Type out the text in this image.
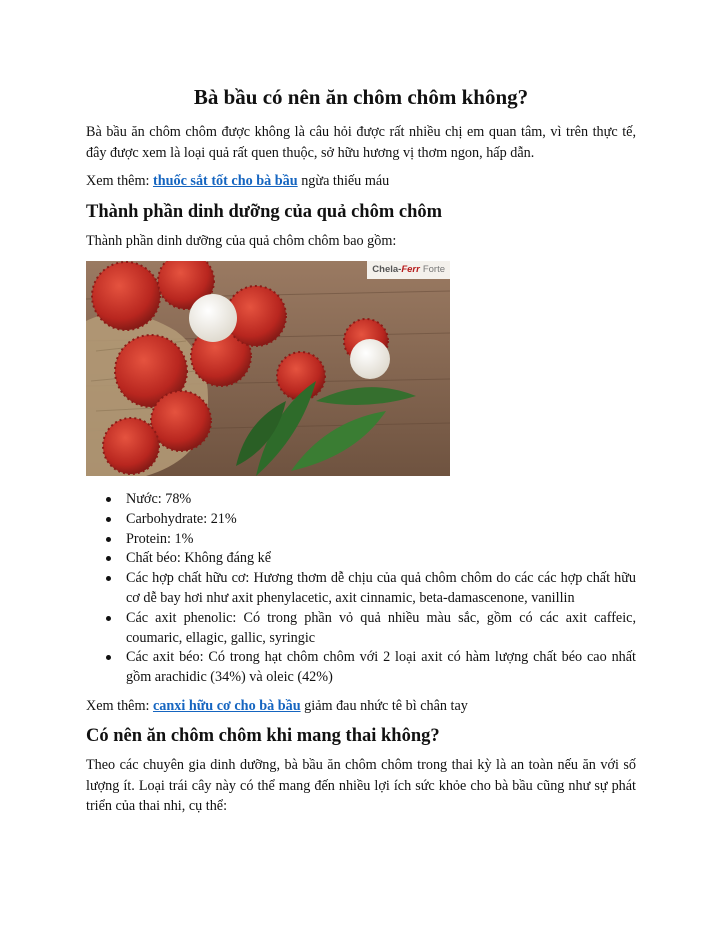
Bà bầu có nên ăn chôm chôm không?

Bà bầu ăn chôm chôm được không là câu hỏi được rất nhiều chị em quan tâm, vì trên thực tế, đây được xem là loại quả rất quen thuộc, sở hữu hương vị thơm ngon, hấp dẫn.

Xem thêm: thuốc sắt tốt cho bà bầu ngừa thiếu máu

Thành phần dinh dưỡng của quả chôm chôm

Thành phần dinh dưỡng của quả chôm chôm bao gồm:

Chela-Ferr Forte
Nước: 78%
Carbohydrate: 21%
Protein: 1%
Chất béo: Không đáng kể
Các hợp chất hữu cơ: Hương thơm dễ chịu của quả chôm chôm do các các hợp chất hữu cơ dễ bay hơi như axit phenylacetic, axit cinnamic, beta-damascenone, vanillin
Các axit phenolic: Có trong phần vỏ quả nhiều màu sắc, gồm có các axit caffeic, coumaric, ellagic, gallic, syringic
Các axit béo: Có trong hạt chôm chôm với 2 loại axit có hàm lượng chất béo cao nhất gồm arachidic (34%) và oleic (42%)

Xem thêm: canxi hữu cơ cho bà bầu giảm đau nhức tê bì chân tay

Có nên ăn chôm chôm khi mang thai không?

Theo các chuyên gia dinh dưỡng, bà bầu ăn chôm chôm trong thai kỳ là an toàn nếu ăn với số lượng ít. Loại trái cây này có thể mang đến nhiều lợi ích sức khỏe cho bà bầu cũng như sự phát triển của thai nhi, cụ thể:
